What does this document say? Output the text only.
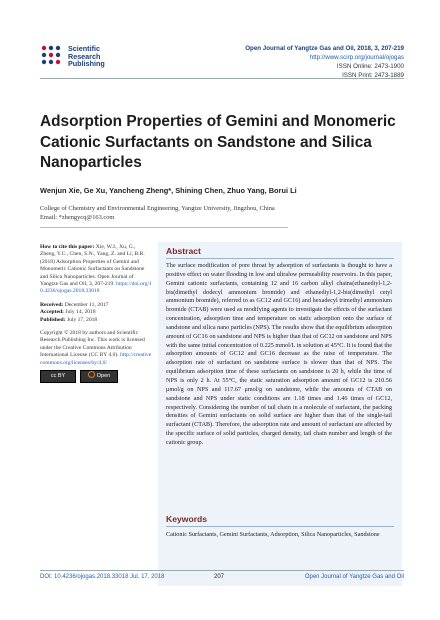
Scientific
Research
Publishing
Open Journal of Yangtze Gas and Oil, 2018, 3, 207-219
http://www.scirp.org/journal/ojogas
ISSN Online: 2473-1900
ISSN Print: 2473-1889
Adsorption Properties of Gemini and Monomeric Cationic Surfactants on Sandstone and Silica Nanoparticles
Wenjun Xie, Ge Xu, Yancheng Zheng*, Shining Chen, Zhuo Yang, Borui Li
College of Chemistry and Environmental Engineering, Yangtze University, Jingzhou, China
Email: *zhengycq@163.com
How to cite this paper: Xie, W.J., Xu, G., Zheng, Y.C., Chen, S.N., Yang, Z. and Li, B.R. (2018) Adsorption Properties of Gemini and Monomeric Cationic Surfactants on Sandstone and Silica Nanoparticles. Open Journal of Yangtze Gas and Oil, 3, 207-219. https://doi.org/10.4236/ojogas.2018.33018
Received: December 11, 2017
Accepted: July 14, 2018
Published: July 17, 2018
Copyright © 2018 by authors and Scientific Research Publishing Inc. This work is licensed under the Creative Commons Attribution International License (CC BY 4.0). http://creativecommons.org/licenses/by/4.0/
cc BY	Open Access
Abstract
The surface modification of pore throat by adsorption of surfactants is thought to have a positive effect on water flooding in low and ultralow permeability reservoirs. In this paper, Gemini cationic surfactants, containing 12 and 16 carbon alkyl chains(ethanediyl-1,2-bis(dimethyl dodecyl ammonium bromide) and ethanediyl-1,2-bis(dimethyl cetyl ammonium bromide), referred to as GC12 and GC16) and hexadecyl trimethyl ammonium bromide (CTAB) were used as modifying agents to investigate the effects of the surfactant concentration, adsorption time and temperature on static adsorption onto the surface of sandstone and silica nano particles (NPS). The results show that the equilibrium adsorption amount of GC16 on sandstone and NPS is higher than that of GC12 on sandstone and NPS with the same initial concentration of 0.225 mmol/L in solution at 45°C. It is found that the adsorption amounts of GC12 and GC16 decrease as the raise of temperature. The adsorption rate of surfactant on sandstone surface is slower than that of NPS. The equilibrium adsorption time of these surfactants on sandstone is 20 h, while the time of NPS is only 2 h. At 55°C, the static saturation adsorption amount of GC12 is 210.56 μmol/g on NPS and 117.67 μmol/g on sandstone, while the amounts of CTAB on sandstone and NPS under static conditions are 1.18 times and 1.46 times of GC12, respectively. Considering the number of tail chain in a molecule of surfactant, the packing densities of Gemini surfactants on solid surface are higher than that of the single-tail surfactant (CTAB). Therefore, the adsorption rate and amount of surfactant are affected by the specific surface of solid particles, charged density, tail chain number and length of the cationic group.
Keywords
Cationic Surfactants, Gemini Surfactants, Adsorption, Silica Nanoparticles, Sandstone
DOI: 10.4236/ojogas.2018.33018 Jul. 17, 2018	207	Open Journal of Yangtze Gas and Oil
